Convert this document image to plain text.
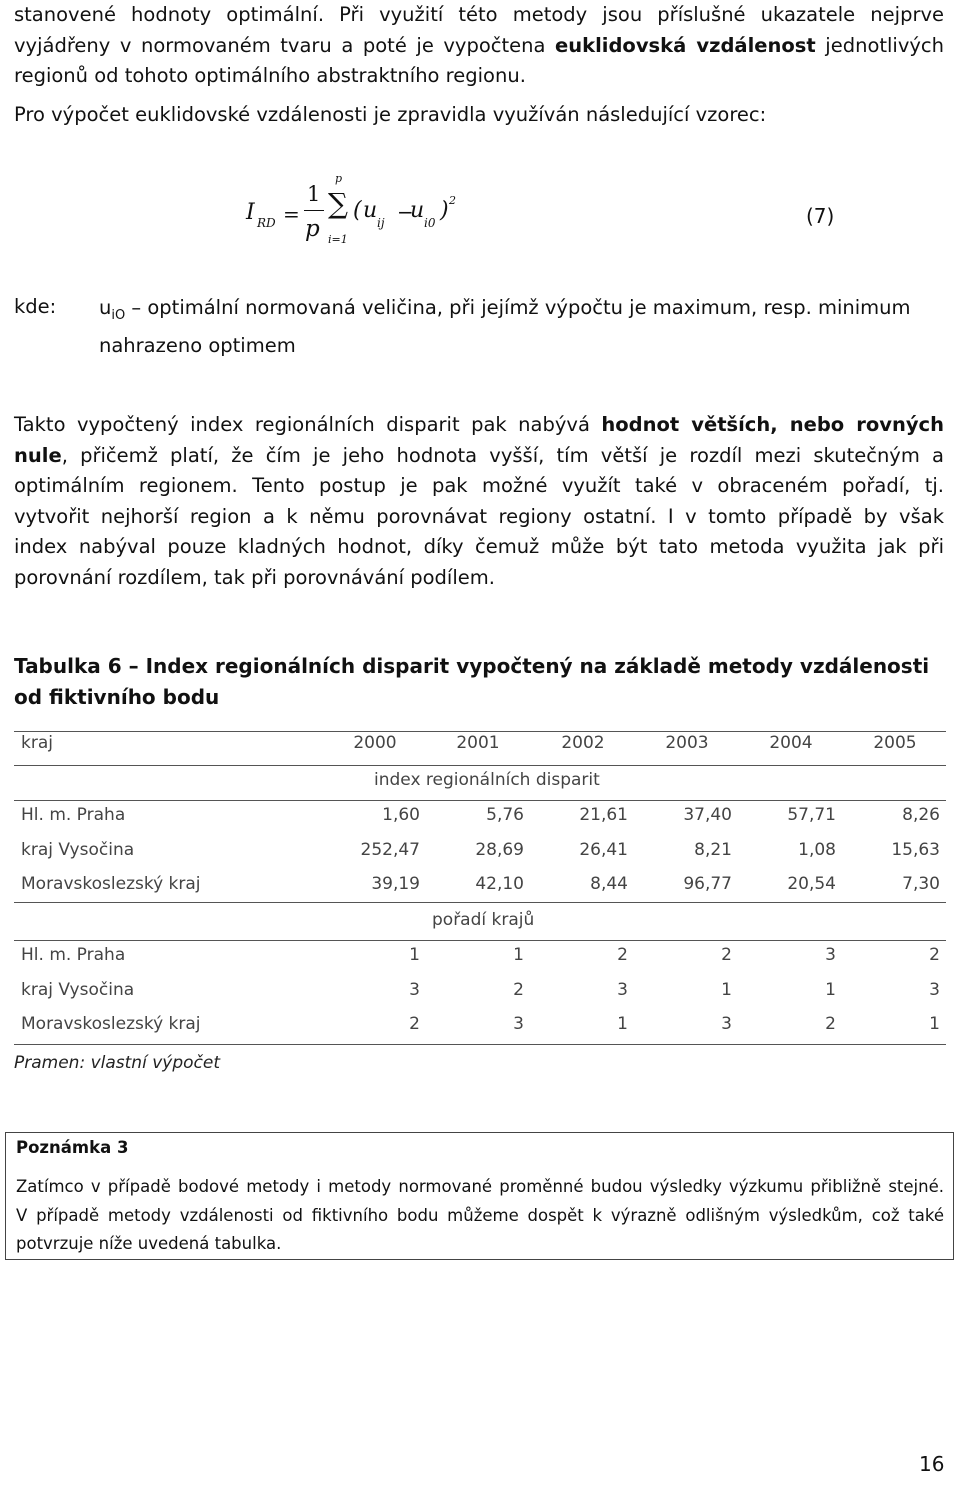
stanovené hodnoty optimální. Při využití této metody jsou příslušné ukazatele nejprve
vyjádřeny v normovaném tvaru a poté je vypočtena euklidovská vzdálenost jednotlivých
regionů od tohoto optimálního abstraktního regionu.
Pro výpočet euklidovské vzdálenosti je zpravidla využíván následující vzorec:
I RD =
1
p
p
∑
i=1
( u ij −
u i0 ) 2
(7)
kde: $u_{iO}$ – optimální normovaná veličina, při jejímž výpočtu je maximum, resp. minimum
nahrazeno optimem
Takto vypočtený index regionálních disparit pak nabývá hodnot větších, nebo rovných
nule, přičemž platí, že čím je jeho hodnota vyšší, tím větší je rozdíl mezi skutečným a
optimálním regionem. Tento postup je pak možné využít také v obraceném pořadí, tj.
vytvořit nejhorší region a k němu porovnávat regiony ostatní. I v tomto případě by však
index nabýval pouze kladných hodnot, díky čemuž může být tato metoda využita jak při
porovnání rozdílem, tak při porovnávání podílem.
Tabulka 6 – Index regionálních disparit vypočtený na základě metody vzdálenosti
od fiktivního bodu
kraj	2000	2001	2002	2003	2004	2005
index regionálních disparit
Hl. m. Praha	1,60	5,76	21,61	37,40	57,71	8,26
kraj Vysočina	252,47	28,69	26,41	8,21	1,08	15,63
Moravskoslezský kraj	39,19	42,10	8,44	96,77	20,54	7,30
pořadí krajů
Hl. m. Praha	1	1	2	2	3	2
kraj Vysočina	3	2	3	1	1	3
Moravskoslezský kraj	2	3	1	3	2	1
Pramen: vlastní výpočet
Poznámka 3
Zatímco v případě bodové metody i metody normované proměnné budou výsledky výzkumu přibližně stejné.
V případě metody vzdálenosti od fiktivního bodu můžeme dospět k výrazně odlišným výsledkům, což také
potvrzuje níže uvedená tabulka.
16
